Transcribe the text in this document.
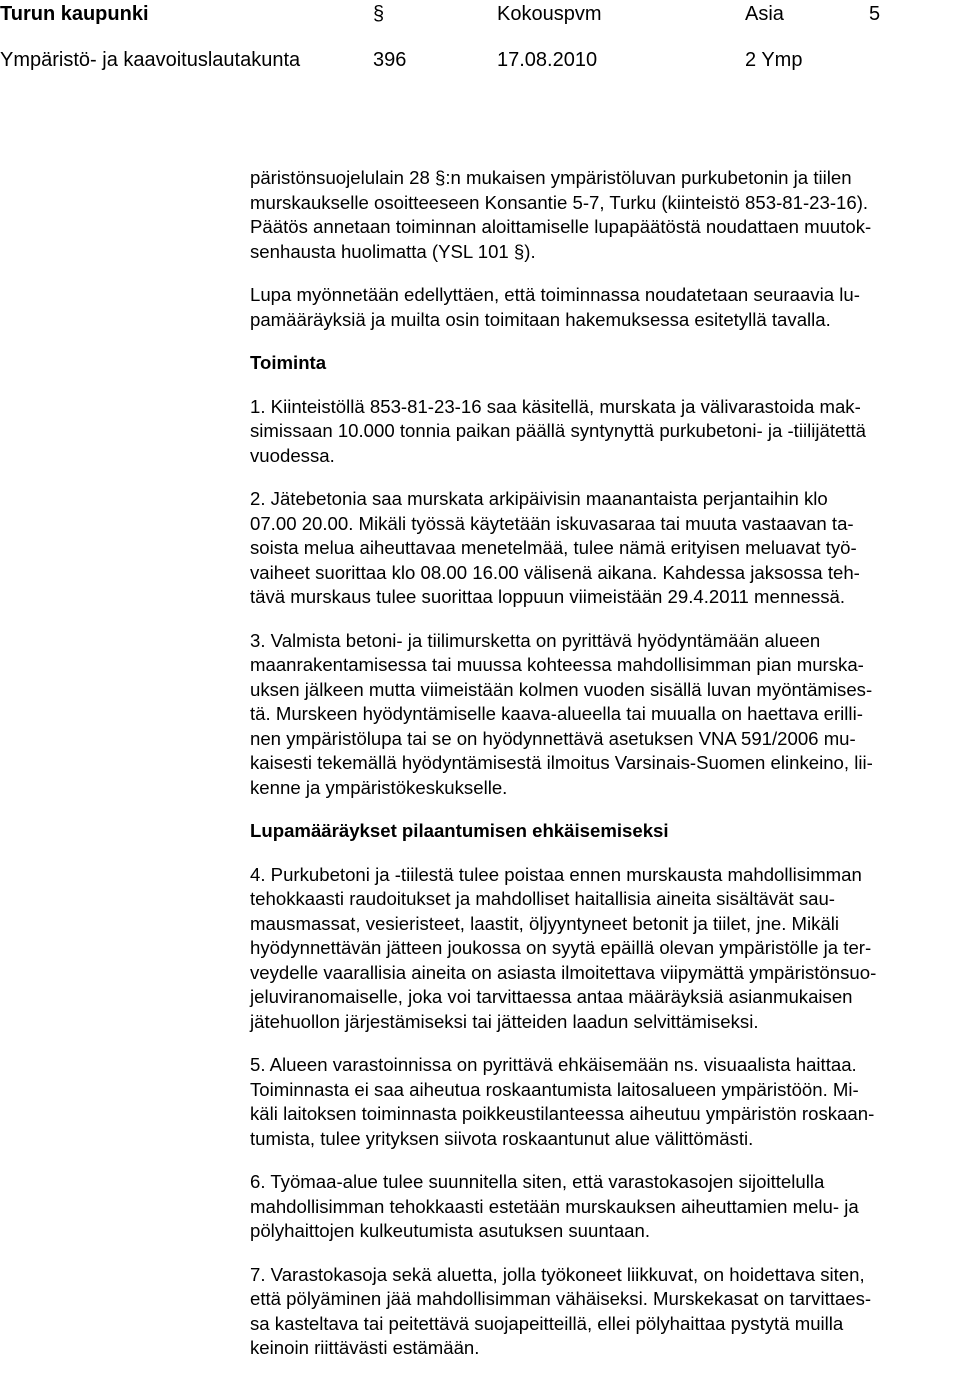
Turun kaupunki	§	Kokouspvm	Asia	5
Ympäristö- ja kaavoituslautakunta	396	17.08.2010	2 Ymp

päristönsuojelulain 28 §:n mukaisen ympäristöluvan purkubetonin ja tiilen
murskaukselle osoitteeseen Konsantie 5-7, Turku (kiinteistö 853-81-23-16).
Päätös annetaan toiminnan aloittamiselle lupapäätöstä noudattaen muutok-
senhausta huolimatta (YSL 101 §).

Lupa myönnetään edellyttäen, että toiminnassa noudatetaan seuraavia lu-
pamääräyksiä ja muilta osin toimitaan hakemuksessa esitetyllä tavalla.

Toiminta

1. Kiinteistöllä 853-81-23-16 saa käsitellä, murskata ja välivarastoida mak-
simissaan 10.000 tonnia paikan päällä syntynyttä purkubetoni- ja -tiilijätettä
vuodessa.

2. Jätebetonia saa murskata arkipäivisin maanantaista perjantaihin klo
07.00 20.00. Mikäli työssä käytetään iskuvasaraa tai muuta vastaavan ta-
soista melua aiheuttavaa menetelmää, tulee nämä erityisen meluavat työ-
vaiheet suorittaa klo 08.00 16.00 välisenä aikana. Kahdessa jaksossa teh-
tävä murskaus tulee suorittaa loppuun viimeistään 29.4.2011 mennessä.

3. Valmista betoni- ja tiilimursketta on pyrittävä hyödyntämään alueen
maanrakentamisessa tai muussa kohteessa mahdollisimman pian murska-
uksen jälkeen mutta viimeistään kolmen vuoden sisällä luvan myöntämises-
tä. Murskeen hyödyntämiselle kaava-alueella tai muualla on haettava erilli-
nen ympäristölupa tai se on hyödynnettävä asetuksen VNA 591/2006 mu-
kaisesti tekemällä hyödyntämisestä ilmoitus Varsinais-Suomen elinkeino, lii-
kenne ja ympäristökeskukselle.

Lupamääräykset pilaantumisen ehkäisemiseksi

4. Purkubetoni ja -tiilestä tulee poistaa ennen murskausta mahdollisimman
tehokkaasti raudoitukset ja mahdolliset haitallisia aineita sisältävät sau-
mausmassat, vesieristeet, laastit, öljyyntyneet betonit ja tiilet, jne. Mikäli
hyödynnettävän jätteen joukossa on syytä epäillä olevan ympäristölle ja ter-
veydelle vaarallisia aineita on asiasta ilmoitettava viipymättä ympäristönsuo-
jeluviranomaiselle, joka voi tarvittaessa antaa määräyksiä asianmukaisen
jätehuollon järjestämiseksi tai jätteiden laadun selvittämiseksi.

5. Alueen varastoinnissa on pyrittävä ehkäisemään ns. visuaalista haittaa.
Toiminnasta ei saa aiheutua roskaantumista laitosalueen ympäristöön. Mi-
käli laitoksen toiminnasta poikkeustilanteessa aiheutuu ympäristön roskaan-
tumista, tulee yrityksen siivota roskaantunut alue välittömästi.

6. Työmaa-alue tulee suunnitella siten, että varastokasojen sijoittelulla
mahdollisimman tehokkaasti estetään murskauksen aiheuttamien melu- ja
pölyhaittojen kulkeutumista asutuksen suuntaan.

7. Varastokasoja sekä aluetta, jolla työkoneet liikkuvat, on hoidettava siten,
että pölyäminen jää mahdollisimman vähäiseksi. Murskekasat on tarvittaes-
sa kasteltava tai peitettävä suojapeitteillä, ellei pölyhaittaa pystytä muilla
keinoin riittävästi estämään.
